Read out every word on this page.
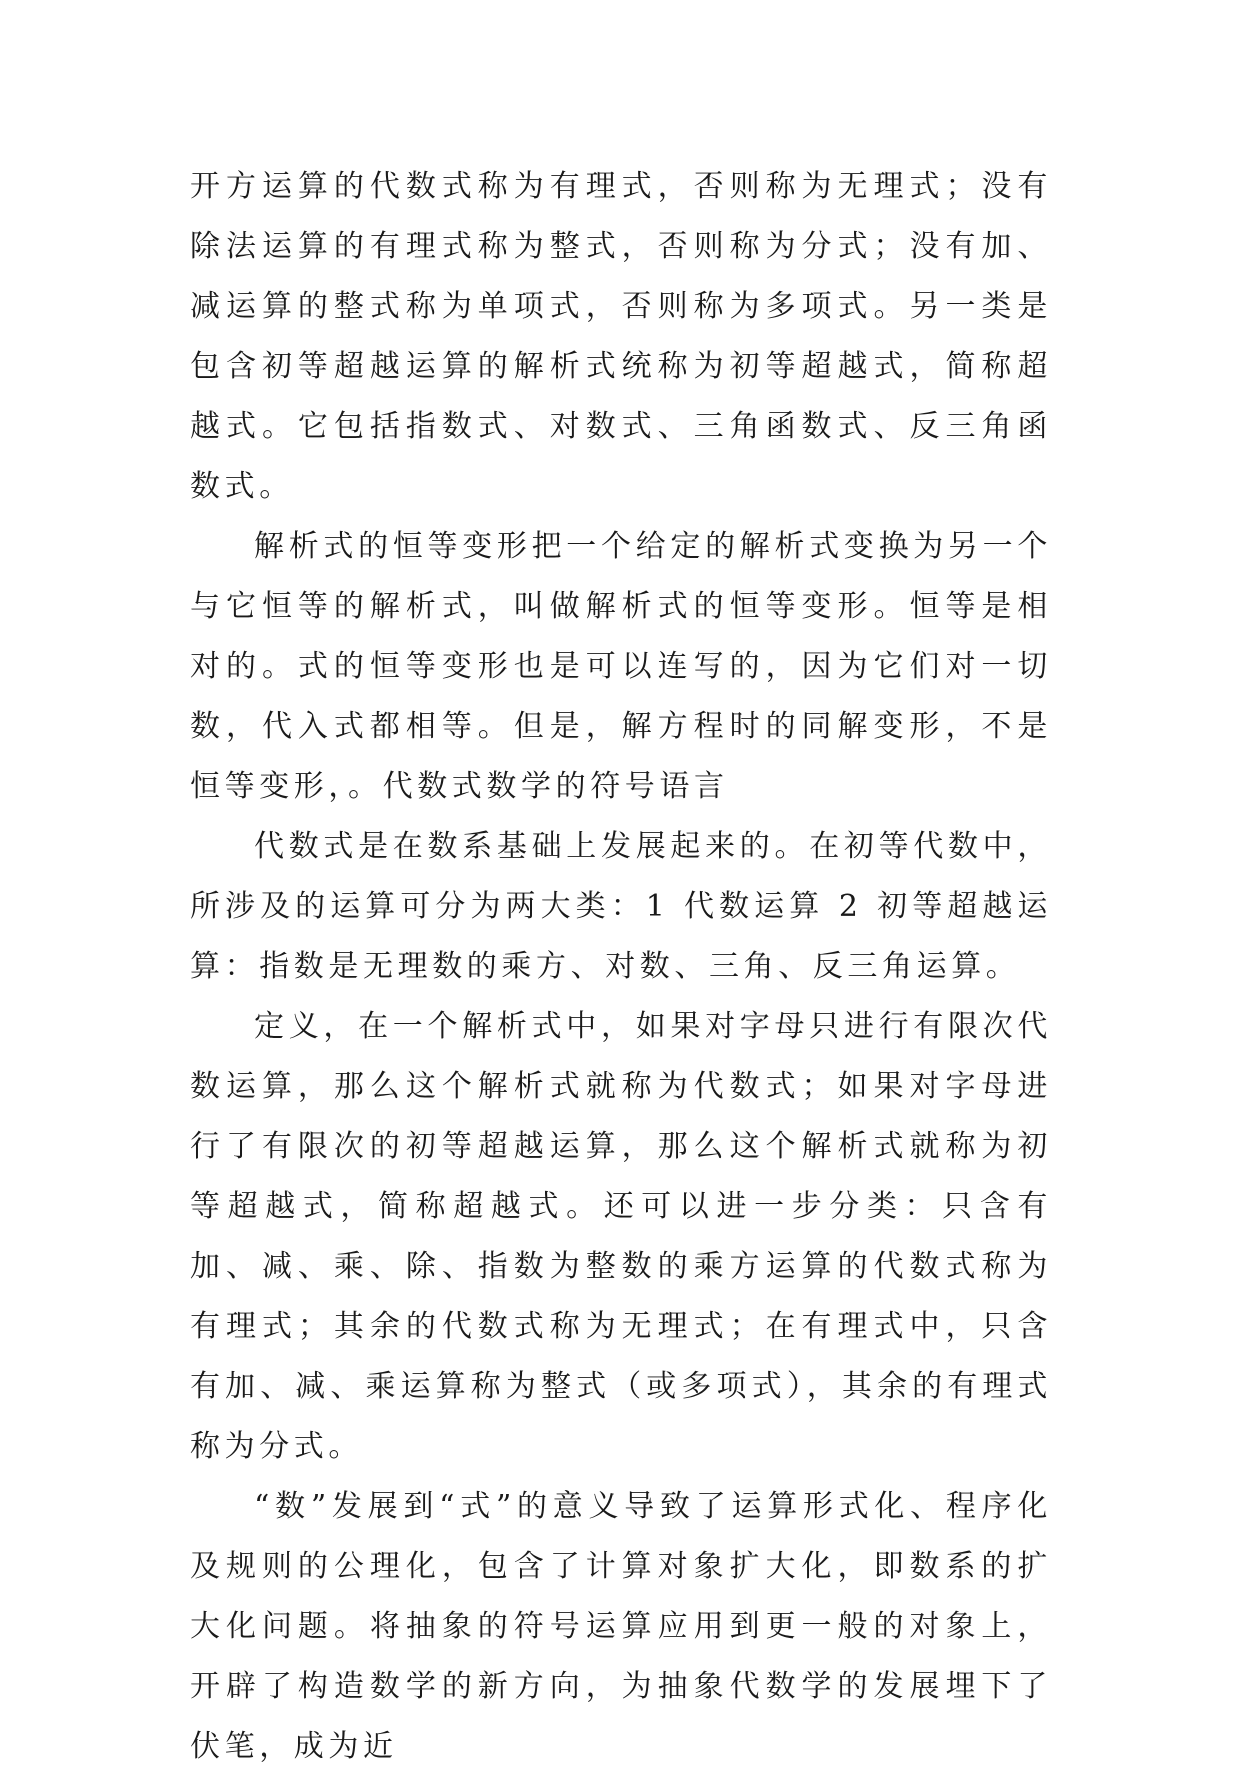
开方运算的代数式称为有理式，否则称为无理式；没有除法运算的有理式称为整式，否则称为分式；没有加、减运算的整式称为单项式，否则称为多项式。另一类是包含初等超越运算的解析式统称为初等超越式，简称超越式。它包括指数式、对数式、三角函数式、反三角函数式。

解析式的恒等变形把一个给定的解析式变换为另一个与它恒等的解析式，叫做解析式的恒等变形。恒等是相对的。式的恒等变形也是可以连写的，因为它们对一切数，代入式都相等。但是，解方程时的同解变形，不是恒等变形，。代数式数学的符号语言

代数式是在数系基础上发展起来的。在初等代数中，所涉及的运算可分为两大类：1 代数运算 2 初等超越运算：指数是无理数的乘方、对数、三角、反三角运算。

定义，在一个解析式中，如果对字母只进行有限次代数运算，那么这个解析式就称为代数式；如果对字母进行了有限次的初等超越运算，那么这个解析式就称为初等超越式，简称超越式。还可以进一步分类：只含有加、减、乘、除、指数为整数的乘方运算的代数式称为有理式；其余的代数式称为无理式；在有理式中，只含有加、减、乘运算称为整式（或多项式），其余的有理式称为分式。

“数”发展到“式”的意义导致了运算形式化、程序化及规则的公理化，包含了计算对象扩大化，即数系的扩大化问题。将抽象的符号运算应用到更一般的对象上，开辟了构造数学的新方向，为抽象代数学的发展埋下了伏笔，成为近
